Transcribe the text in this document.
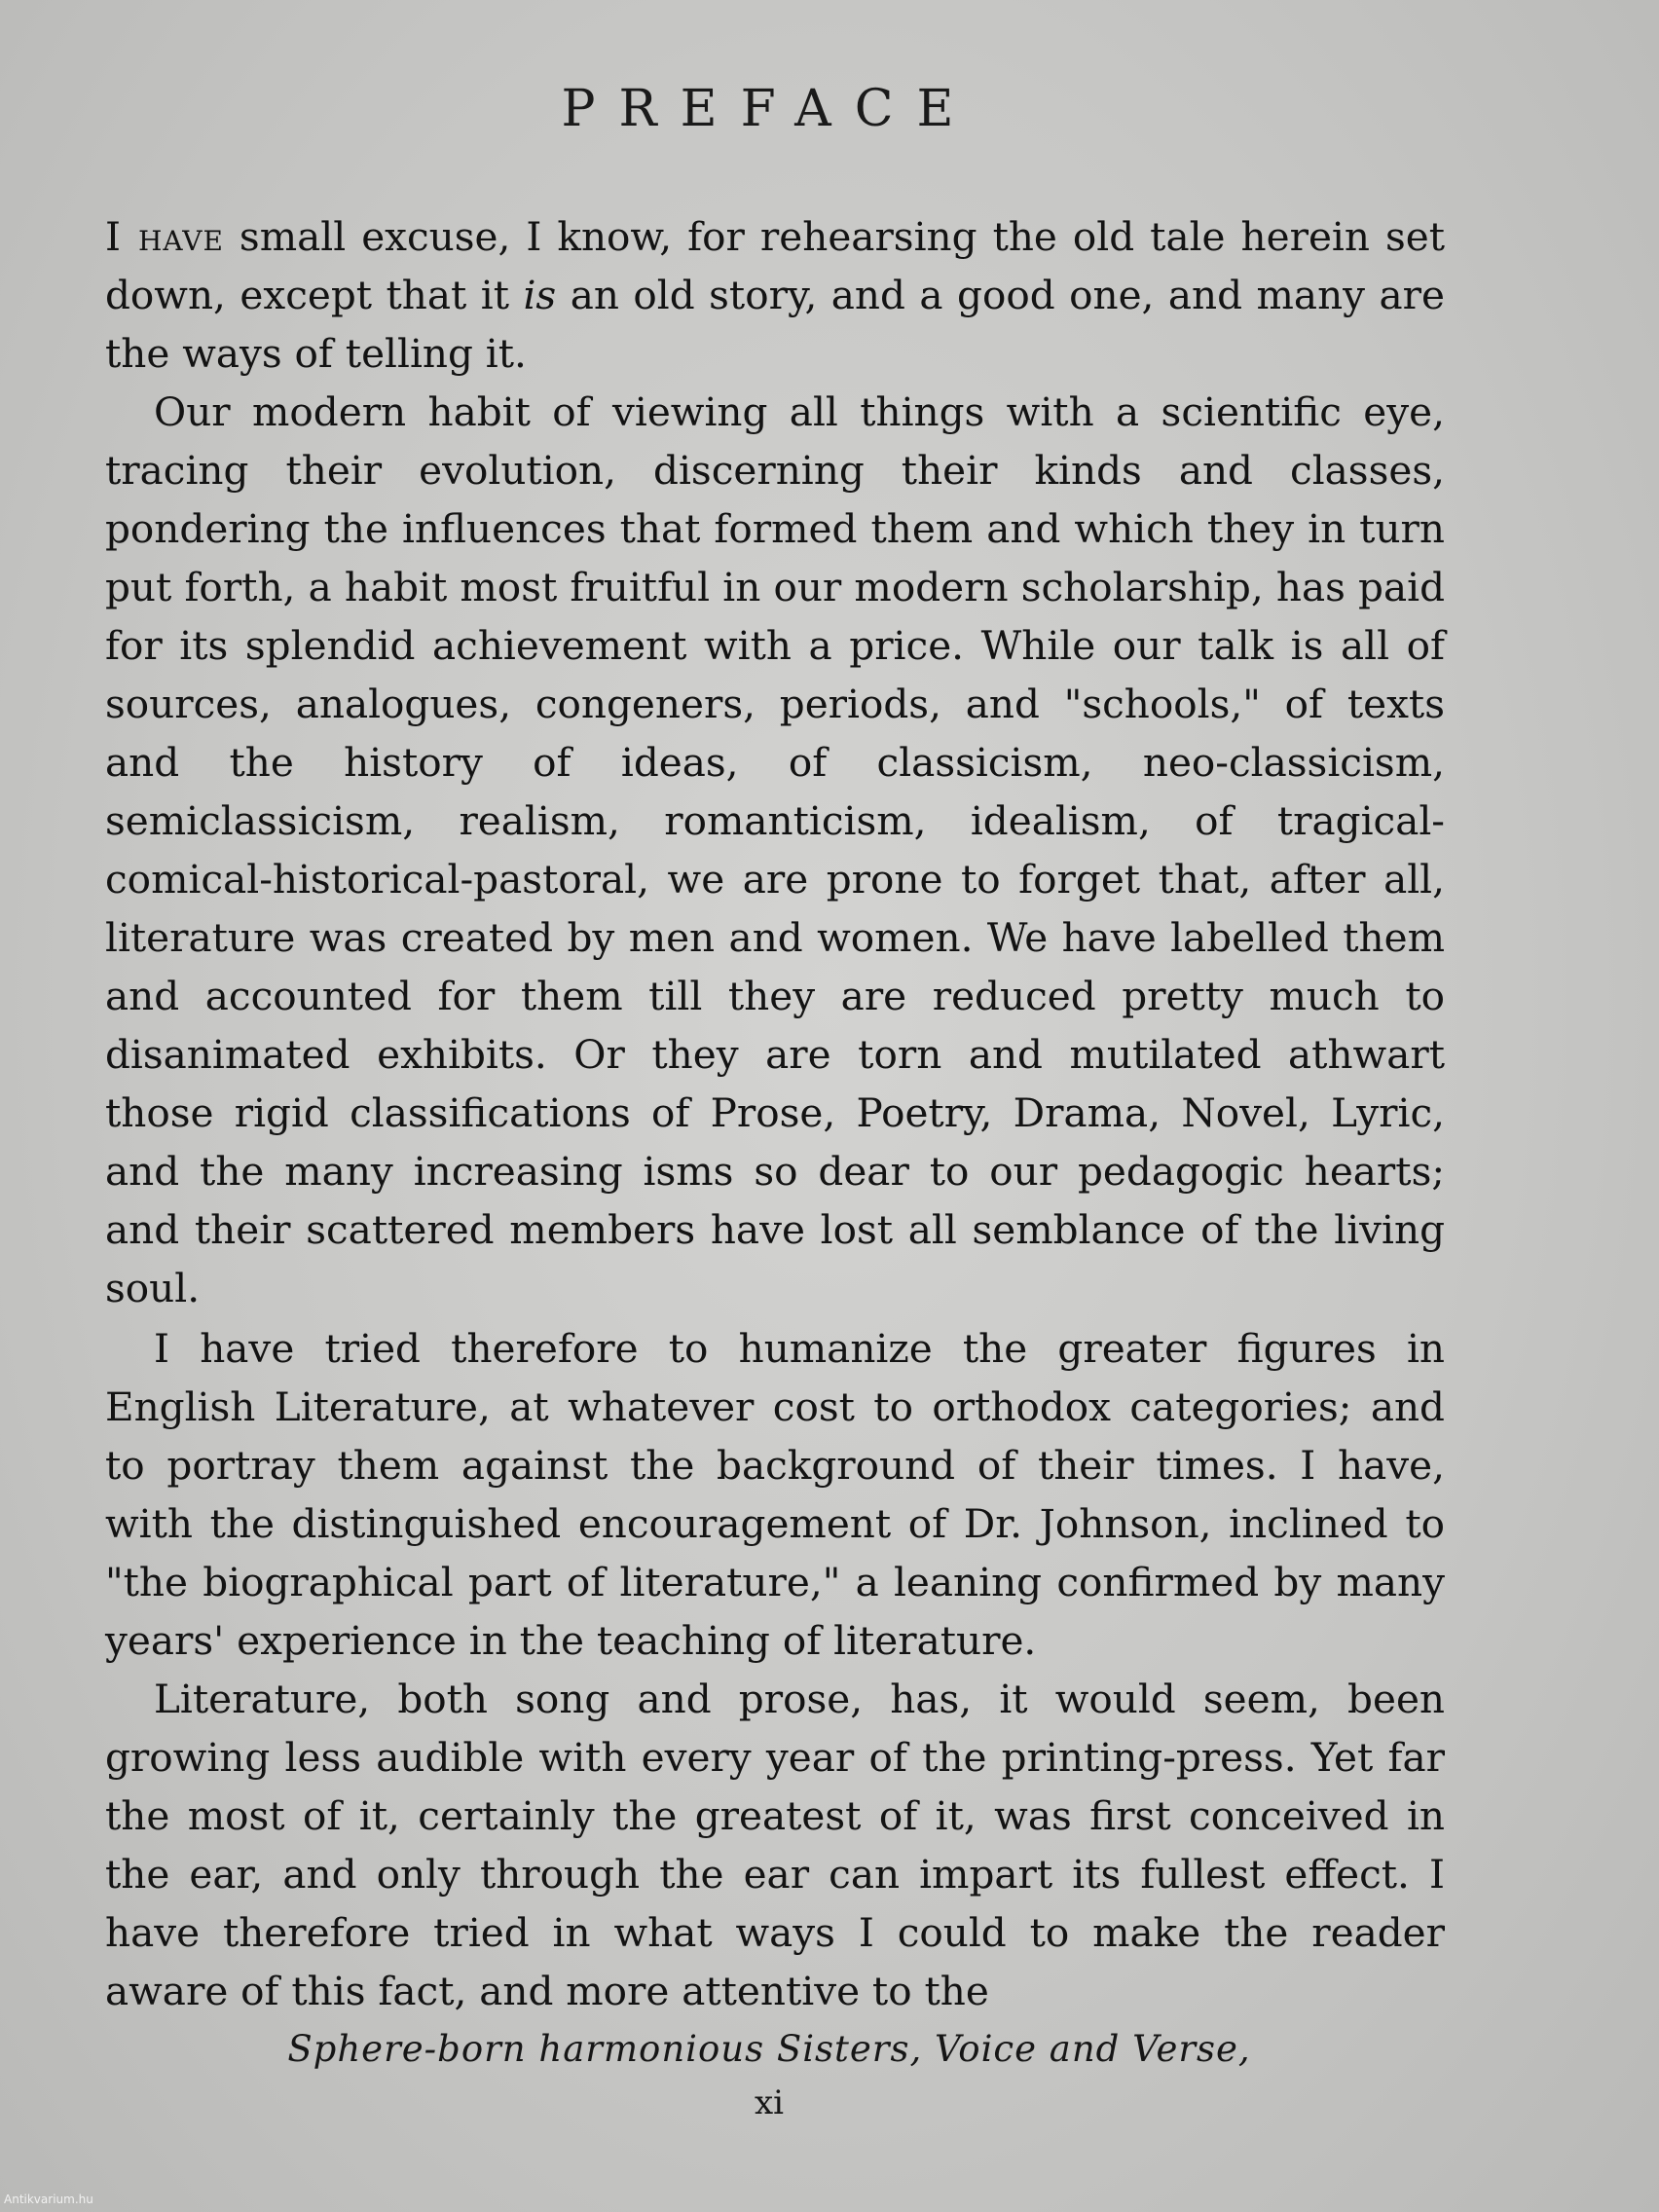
PREFACE

I have small excuse, I know, for rehearsing the old tale herein set down, except that it is an old story, and a good one, and many are the ways of telling it.

Our modern habit of viewing all things with a scientific eye, tracing their evolution, discerning their kinds and classes, pondering the influences that formed them and which they in turn put forth, a habit most fruitful in our modern scholarship, has paid for its splendid achievement with a price. While our talk is all of sources, analogues, congeners, periods, and "schools," of texts and the history of ideas, of classicism, neo-classicism, semiclassicism, realism, romanticism, idealism, of tragical-comical-historical-pastoral, we are prone to forget that, after all, literature was created by men and women. We have labelled them and accounted for them till they are reduced pretty much to disanimated exhibits. Or they are torn and mutilated athwart those rigid classifications of Prose, Poetry, Drama, Novel, Lyric, and the many increasing isms so dear to our pedagogic hearts; and their scattered members have lost all semblance of the living soul.

I have tried therefore to humanize the greater figures in English Literature, at whatever cost to orthodox categories; and to portray them against the background of their times. I have, with the distinguished encouragement of Dr. Johnson, inclined to "the biographical part of literature," a leaning confirmed by many years' experience in the teaching of literature.

Literature, both song and prose, has, it would seem, been growing less audible with every year of the printing-press. Yet far the most of it, certainly the greatest of it, was first conceived in the ear, and only through the ear can impart its fullest effect. I have therefore tried in what ways I could to make the reader aware of this fact, and more attentive to the

Sphere-born harmonious Sisters, Voice and Verse,
xi
Antikvarium.hu
